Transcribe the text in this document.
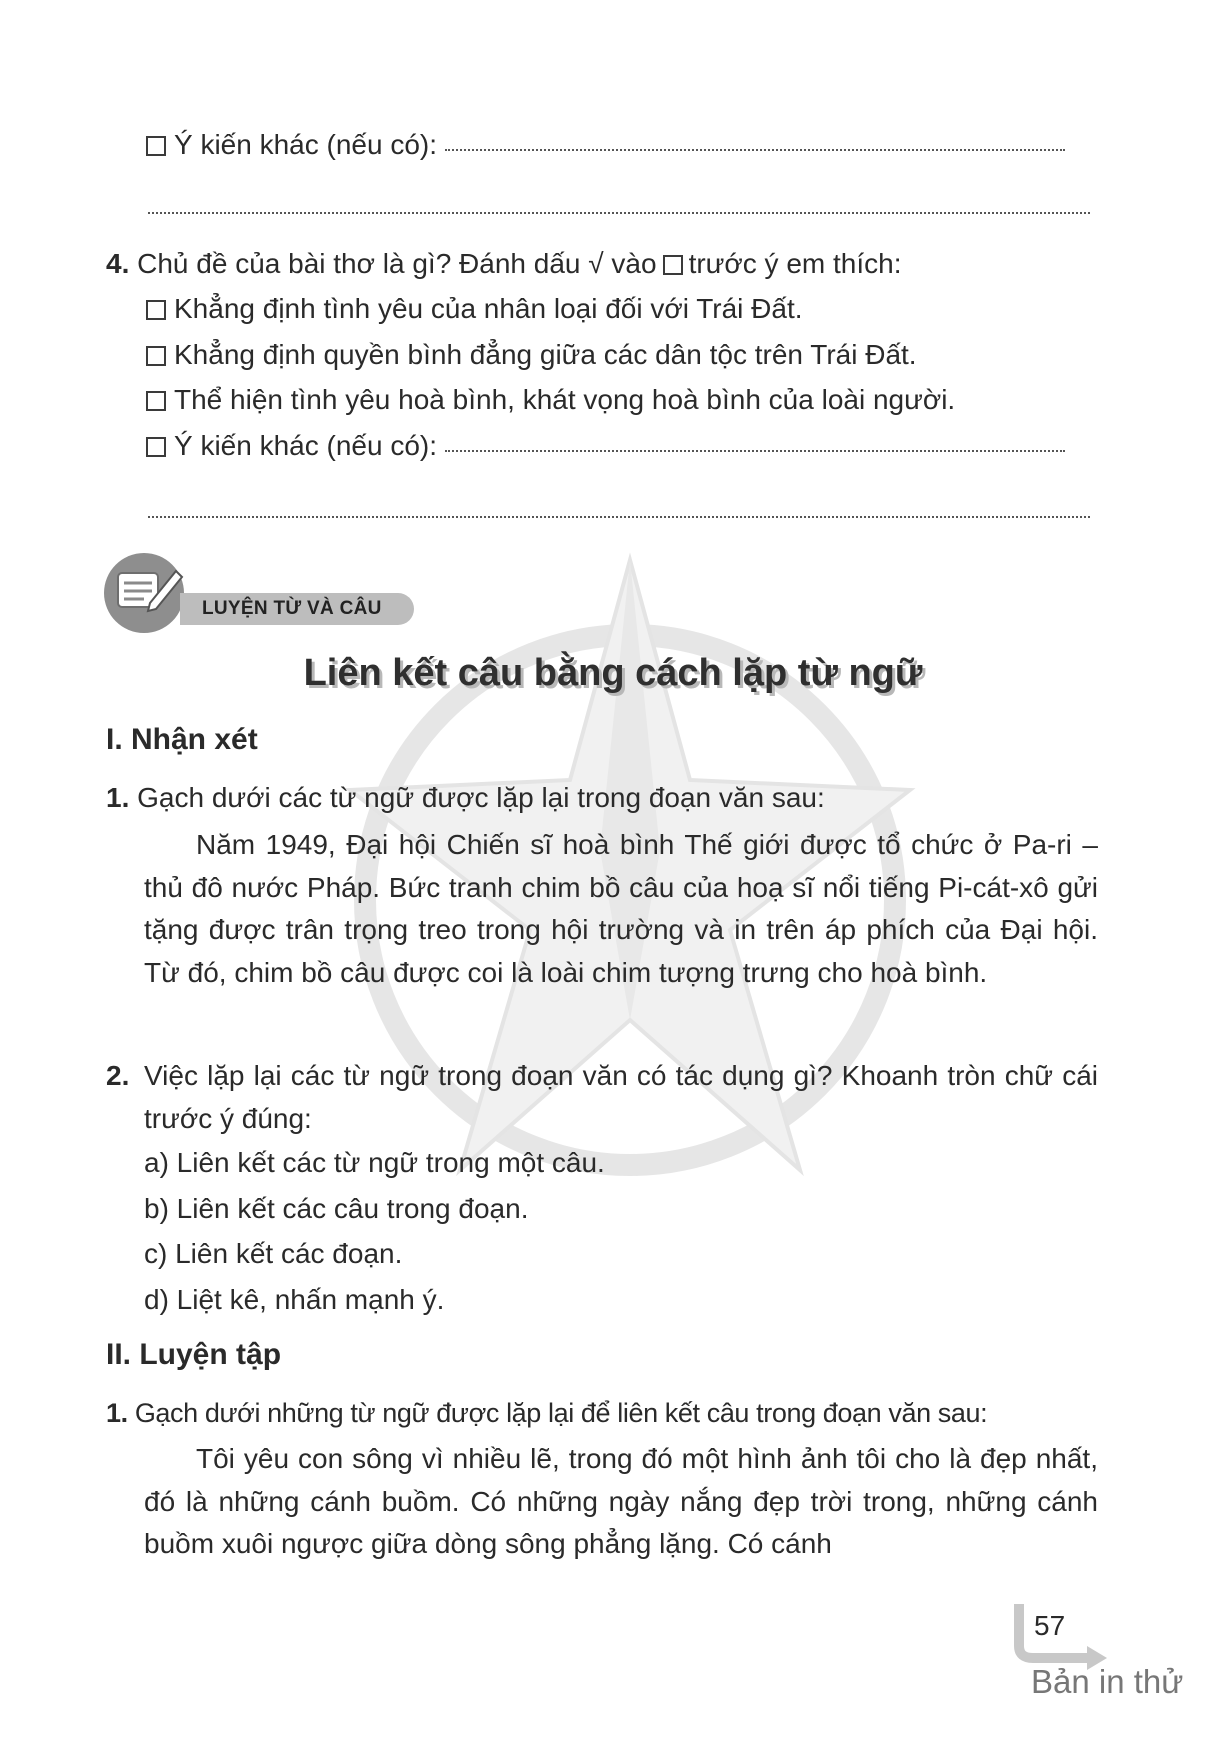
Ý kiến khác (nếu có):
4. Chủ đề của bài thơ là gì? Đánh dấu √ vào trước ý em thích:
Khẳng định tình yêu của nhân loại đối với Trái Đất.
Khẳng định quyền bình đẳng giữa các dân tộc trên Trái Đất.
Thể hiện tình yêu hoà bình, khát vọng hoà bình của loài người.
Ý kiến khác (nếu có):
LUYỆN TỪ VÀ CÂU
Liên kết câu bằng cách lặp từ ngữ
I. Nhận xét
1. Gạch dưới các từ ngữ được lặp lại trong đoạn văn sau:
Năm 1949, Đại hội Chiến sĩ hoà bình Thế giới được tổ chức ở Pa-ri – thủ đô nước Pháp. Bức tranh chim bồ câu của hoạ sĩ nổi tiếng Pi-cát-xô gửi tặng được trân trọng treo trong hội trường và in trên áp phích của Đại hội. Từ đó, chim bồ câu được coi là loài chim tượng trưng cho hoà bình.
2. Việc lặp lại các từ ngữ trong đoạn văn có tác dụng gì? Khoanh tròn chữ cái trước ý đúng:
a) Liên kết các từ ngữ trong một câu.
b) Liên kết các câu trong đoạn.
c) Liên kết các đoạn.
d) Liệt kê, nhấn mạnh ý.
II. Luyện tập
1. Gạch dưới những từ ngữ được lặp lại để liên kết câu trong đoạn văn sau:
Tôi yêu con sông vì nhiều lẽ, trong đó một hình ảnh tôi cho là đẹp nhất, đó là những cánh buồm. Có những ngày nắng đẹp trời trong, những cánh buồm xuôi ngược giữa dòng sông phẳng lặng. Có cánh
57
Bản in thử
